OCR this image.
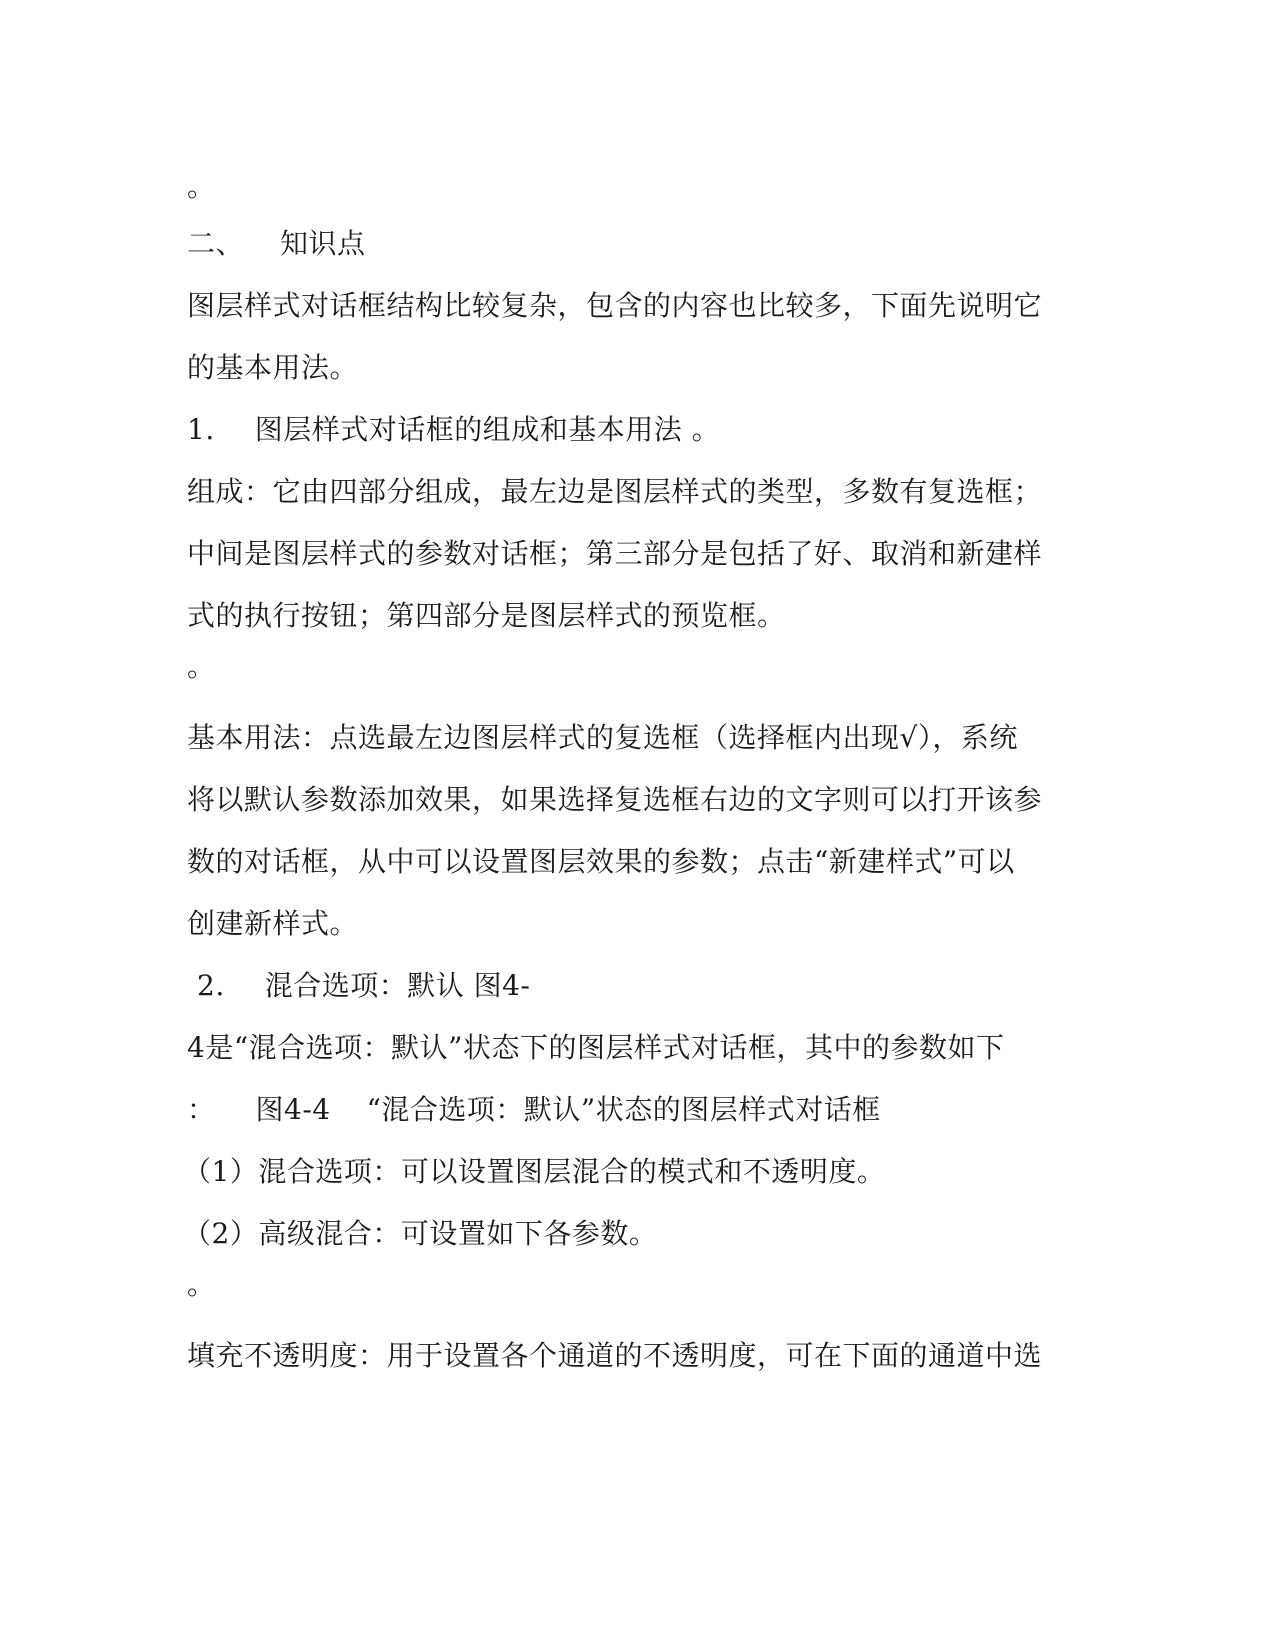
。
二、 知识点
图层样式对话框结构比较复杂，包含的内容也比较多，下面先说明它
的基本用法。
1. 图层样式对话框的组成和基本用法 。
组成：它由四部分组成，最左边是图层样式的类型，多数有复选框；
中间是图层样式的参数对话框；第三部分是包括了好、取消和新建样
式的执行按钮；第四部分是图层样式的预览框。
。
基本用法：点选最左边图层样式的复选框（选择框内出现√），系统
将以默认参数添加效果，如果选择复选框右边的文字则可以打开该参
数的对话框，从中可以设置图层效果的参数；点击“新建样式”可以
创建新样式。
2. 混合选项：默认 图4-
4是“混合选项：默认”状态下的图层样式对话框，其中的参数如下
： 图4-4 “混合选项：默认”状态的图层样式对话框
（1）混合选项：可以设置图层混合的模式和不透明度。
（2）高级混合：可设置如下各参数。
。
填充不透明度：用于设置各个通道的不透明度，可在下面的通道中选
